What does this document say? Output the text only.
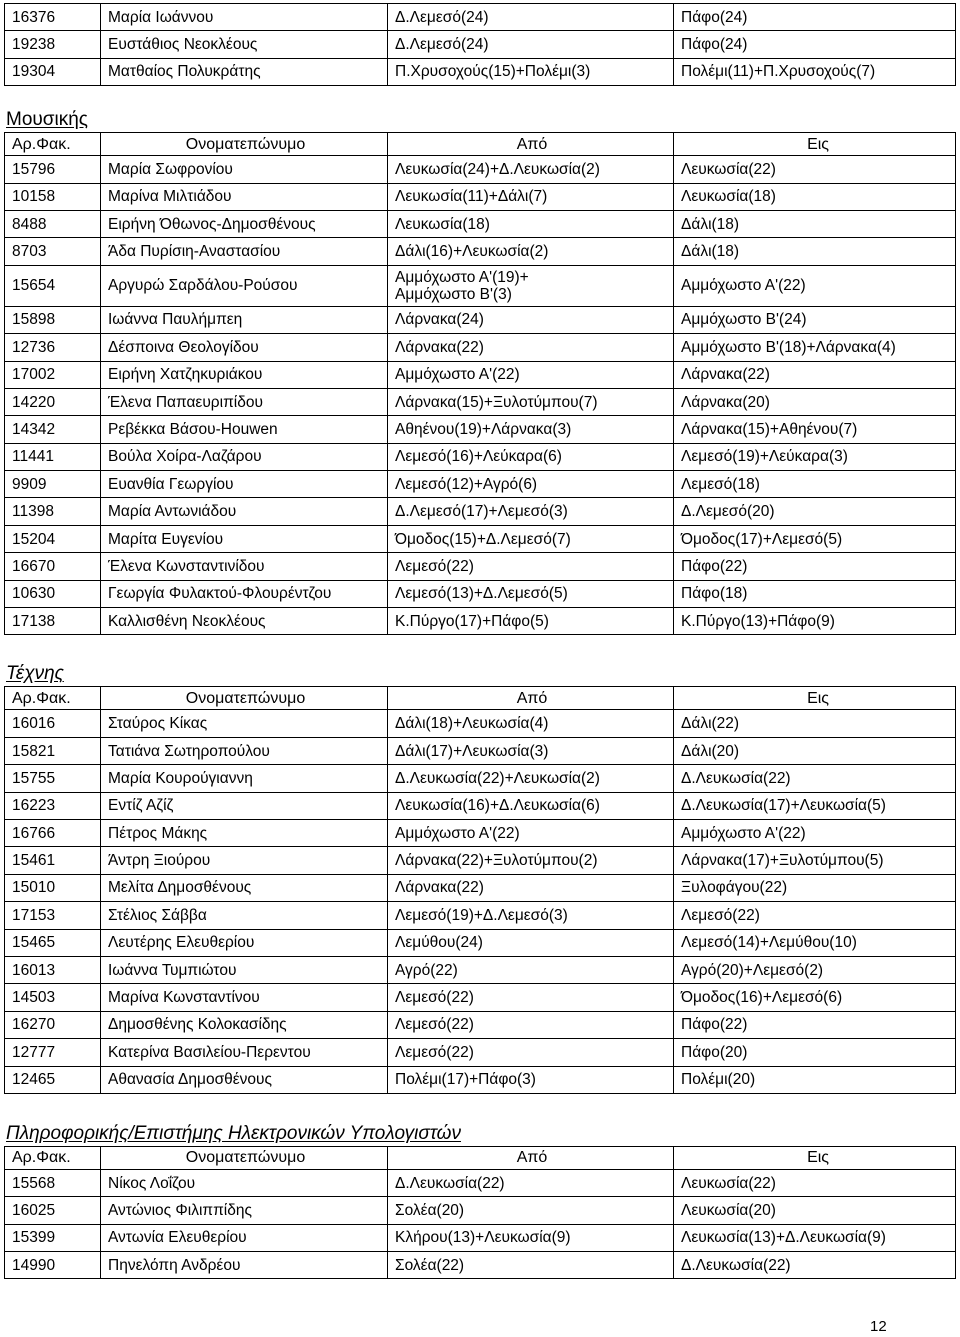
16376	Μαρία Ιωάννου	Δ.Λεμεσό(24)	Πάφο(24)
19238	Ευστάθιος Νεοκλέους	Δ.Λεμεσό(24)	Πάφο(24)
19304	Ματθαίος Πολυκράτης	Π.Χρυσοχούς(15)+Πολέμι(3)	Πολέμι(11)+Π.Χρυσοχούς(7)
Μουσικής
Αρ.Φακ.	Ονοματεπώνυμο	Από	Εις
15796	Μαρία Σωφρονίου	Λευκωσία(24)+Δ.Λευκωσία(2)	Λευκωσία(22)
10158	Μαρίνα Μιλτιάδου	Λευκωσία(11)+Δάλι(7)	Λευκωσία(18)
8488	Ειρήνη Όθωνος-Δημοσθένους	Λευκωσία(18)	Δάλι(18)
8703	Άδα Πυρίσιη-Αναστασίου	Δάλι(16)+Λευκωσία(2)	Δάλι(18)
15654	Αργυρώ Σαρδάλου-Ρούσου	Αμμόχωστο Α'(19)+
Αμμόχωστο Β'(3)	Αμμόχωστο Α'(22)
15898	Ιωάννα Παυλήμπεη	Λάρνακα(24)	Αμμόχωστο Β'(24)
12736	Δέσποινα Θεολογίδου	Λάρνακα(22)	Αμμόχωστο Β'(18)+Λάρνακα(4)
17002	Ειρήνη Χατζηκυριάκου	Αμμόχωστο Α'(22)	Λάρνακα(22)
14220	Έλενα Παπαευριπίδου	Λάρνακα(15)+Ξυλοτύμπου(7)	Λάρνακα(20)
14342	Ρεβέκκα Βάσου-Houwen	Αθηένου(19)+Λάρνακα(3)	Λάρνακα(15)+Αθηένου(7)
11441	Βούλα Χοίρα-Λαζάρου	Λεμεσό(16)+Λεύκαρα(6)	Λεμεσό(19)+Λεύκαρα(3)
9909	Ευανθία Γεωργίου	Λεμεσό(12)+Αγρό(6)	Λεμεσό(18)
11398	Μαρία Αντωνιάδου	Δ.Λεμεσό(17)+Λεμεσό(3)	Δ.Λεμεσό(20)
15204	Μαρίτα Ευγενίου	Όμοδος(15)+Δ.Λεμεσό(7)	Όμοδος(17)+Λεμεσό(5)
16670	Έλενα Κωνσταντινίδου	Λεμεσό(22)	Πάφο(22)
10630	Γεωργία Φυλακτού-Φλουρέντζου	Λεμεσό(13)+Δ.Λεμεσό(5)	Πάφο(18)
17138	Καλλισθένη Νεοκλέους	Κ.Πύργο(17)+Πάφο(5)	Κ.Πύργο(13)+Πάφο(9)
Τέχνης
Αρ.Φακ.	Ονοματεπώνυμο	Από	Εις
16016	Σταύρος Κίκας	Δάλι(18)+Λευκωσία(4)	Δάλι(22)
15821	Τατιάνα Σωτηροπούλου	Δάλι(17)+Λευκωσία(3)	Δάλι(20)
15755	Μαρία Κουρούγιαννη	Δ.Λευκωσία(22)+Λευκωσία(2)	Δ.Λευκωσία(22)
16223	Εντίζ Αζίζ	Λευκωσία(16)+Δ.Λευκωσία(6)	Δ.Λευκωσία(17)+Λευκωσία(5)
16766	Πέτρος Μάκης	Αμμόχωστο Α'(22)	Αμμόχωστο Α'(22)
15461	Άντρη Ξιούρου	Λάρνακα(22)+Ξυλοτύμπου(2)	Λάρνακα(17)+Ξυλοτύμπου(5)
15010	Μελίτα Δημοσθένους	Λάρνακα(22)	Ξυλοφάγου(22)
17153	Στέλιος Σάββα	Λεμεσό(19)+Δ.Λεμεσό(3)	Λεμεσό(22)
15465	Λευτέρης Ελευθερίου	Λεμύθου(24)	Λεμεσό(14)+Λεμύθου(10)
16013	Ιωάννα Τυμπιώτου	Αγρό(22)	Αγρό(20)+Λεμεσό(2)
14503	Μαρίνα Κωνσταντίνου	Λεμεσό(22)	Όμοδος(16)+Λεμεσό(6)
16270	Δημοσθένης Κολοκασίδης	Λεμεσό(22)	Πάφο(22)
12777	Κατερίνα Βασιλείου-Περεντου	Λεμεσό(22)	Πάφο(20)
12465	Αθανασία Δημοσθένους	Πολέμι(17)+Πάφο(3)	Πολέμι(20)
Πληροφορικής/Επιστήμης Ηλεκτρονικών Υπολογιστών
Αρ.Φακ.	Ονοματεπώνυμο	Από	Εις
15568	Νίκος Λοΐζου	Δ.Λευκωσία(22)	Λευκωσία(22)
16025	Αντώνιος Φιλιππίδης	Σολέα(20)	Λευκωσία(20)
15399	Αντωνία Ελευθερίου	Κλήρου(13)+Λευκωσία(9)	Λευκωσία(13)+Δ.Λευκωσία(9)
14990	Πηνελόπη Ανδρέου	Σολέα(22)	Δ.Λευκωσία(22)
12
